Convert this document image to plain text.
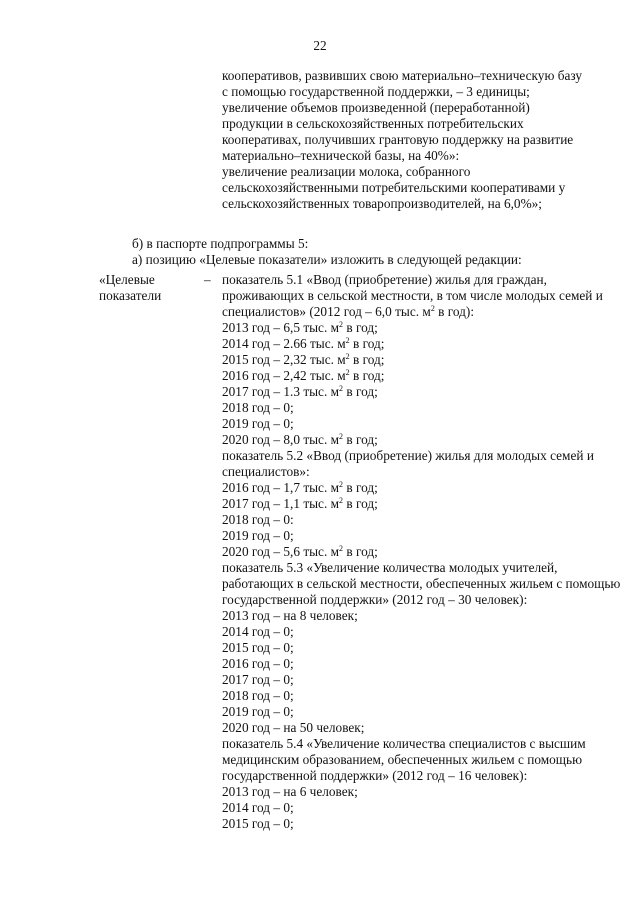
22
кооперативов, развивших свою материально–техническую базу
с помощью государственной поддержки, – 3 единицы;
увеличение объемов произведенной (переработанной)
продукции в сельскохозяйственных потребительских
кооперативах, получивших грантовую поддержку на развитие
материально–технической базы, на 40%»:
увеличение реализации молока, собранного
сельскохозяйственными потребительскими кооперативами у
сельскохозяйственных товаропроизводителей, на 6,0%»;
б) в паспорте подпрограммы 5:
а) позицию «Целевые показатели» изложить в следующей редакции:
«Целевые
показатели
– показатель 5.1 «Ввод (приобретение) жилья для граждан, проживающих в сельской местности, в том числе молодых семей и специалистов» (2012 год – 6,0 тыс. $м^2$ в год):
2013 год – 6,5 тыс. $м^2$ в год;
2014 год – 2.66 тыс. $м^2$ в год;
2015 год – 2,32 тыс. $м^2$ в год;
2016 год – 2,42 тыс. $м^2$ в год;
2017 год – 1.3 тыс. $м^2$ в год;
2018 год – 0;
2019 год – 0;
2020 год – 8,0 тыс. $м^2$ в год;
показатель 5.2 «Ввод (приобретение) жилья для молодых семей и специалистов»:
2016 год – 1,7 тыс. $м^2$ в год;
2017 год – 1,1 тыс. $м^2$ в год;
2018 год – 0:
2019 год – 0;
2020 год – 5,6 тыс. $м^2$ в год;
показатель 5.3 «Увеличение количества молодых учителей, работающих в сельской местности, обеспеченных жильем с помощью государственной поддержки» (2012 год – 30 человек):
2013 год – на 8 человек;
2014 год – 0;
2015 год – 0;
2016 год – 0;
2017 год – 0;
2018 год – 0;
2019 год – 0;
2020 год – на 50 человек;
показатель 5.4 «Увеличение количества специалистов с высшим медицинским образованием, обеспеченных жильем с помощью государственной поддержки» (2012 год – 16 человек):
2013 год – на 6 человек;
2014 год – 0;
2015 год – 0;
